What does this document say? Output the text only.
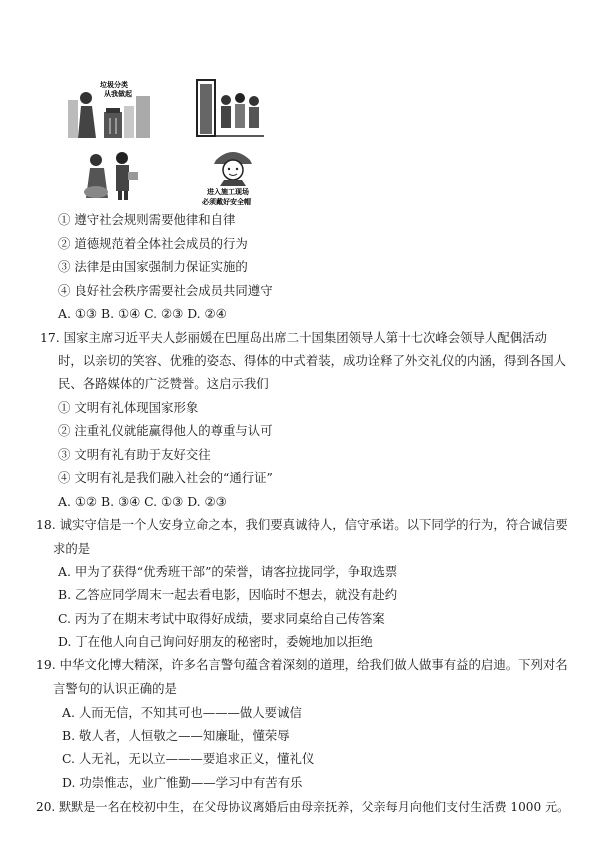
垃圾分类
从我做起
进入施工现场
必须戴好安全帽
① 遵守社会规则需要他律和自律
② 道德规范着全体社会成员的行为
③ 法律是由国家强制力保证实施的
④ 良好社会秩序需要社会成员共同遵守
A. ①③ B. ①④ C. ②③ D. ②④
17. 国家主席习近平夫人彭丽媛在巴厘岛出席二十国集团领导人第十七次峰会领导人配偶活动
时，以亲切的笑容、优雅的姿态、得体的中式着装，成功诠释了外交礼仪的内涵，得到各国人
民、各路媒体的广泛赞誉。这启示我们
① 文明有礼体现国家形象
② 注重礼仪就能赢得他人的尊重与认可
③ 文明有礼有助于友好交往
④ 文明有礼是我们融入社会的“通行证”
A. ①② B. ③④ C. ①③ D. ②③
18. 诚实守信是一个人安身立命之本，我们要真诚待人，信守承诺。以下同学的行为，符合诚信要
求的是
A. 甲为了获得“优秀班干部”的荣誉，请客拉拢同学，争取选票
B. 乙答应同学周末一起去看电影，因临时不想去，就没有赴约
C. 丙为了在期末考试中取得好成绩，要求同桌给自己传答案
D. 丁在他人向自己询问好朋友的秘密时，委婉地加以拒绝
19. 中华文化博大精深，许多名言警句蕴含着深刻的道理，给我们做人做事有益的启迪。下列对名
言警句的认识正确的是
A. 人而无信，不知其可也———做人要诚信
B. 敬人者，人恒敬之——知廉耻，懂荣辱
C. 人无礼，无以立———要追求正义，懂礼仪
D. 功崇惟志，业广惟勤——学习中有苦有乐
20. 默默是一名在校初中生，在父母协议离婚后由母亲抚养，父亲每月向他们支付生活费 1000 元。
